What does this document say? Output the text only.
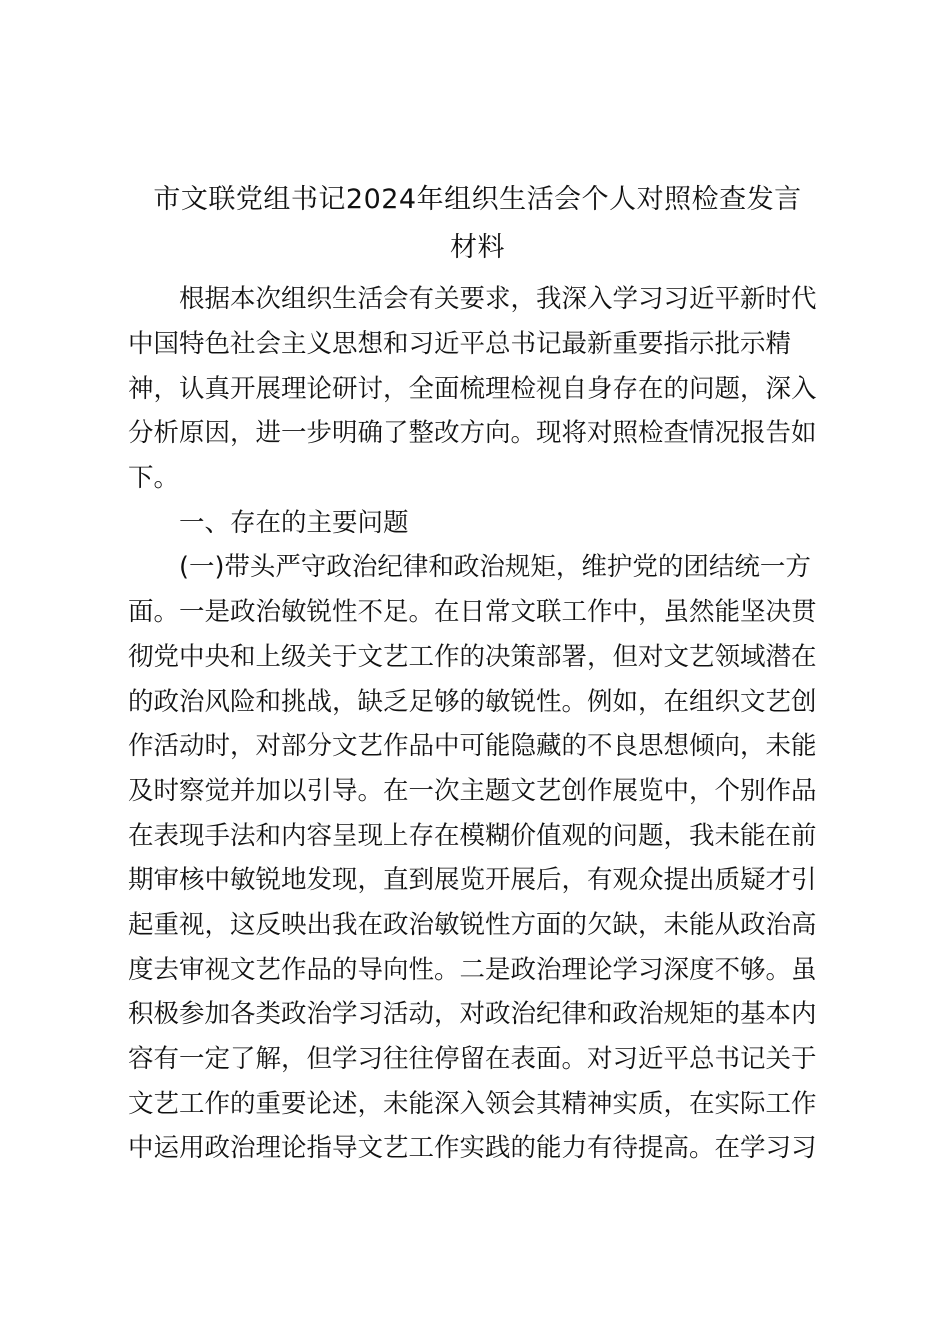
市文联党组书记2024年组织生活会个人对照检查发言
材料

　　根据本次组织生活会有关要求，我深入学习习近平新时代

中国特色社会主义思想和习近平总书记最新重要指示批示精

神，认真开展理论研讨，全面梳理检视自身存在的问题，深入

分析原因，进一步明确了整改方向。现将对照检查情况报告如

下。

　　一、存在的主要问题

　　(一)带头严守政治纪律和政治规矩，维护党的团结统一方

面。一是政治敏锐性不足。在日常文联工作中，虽然能坚决贯

彻党中央和上级关于文艺工作的决策部署，但对文艺领域潜在

的政治风险和挑战，缺乏足够的敏锐性。例如，在组织文艺创

作活动时，对部分文艺作品中可能隐藏的不良思想倾向，未能

及时察觉并加以引导。在一次主题文艺创作展览中，个别作品

在表现手法和内容呈现上存在模糊价值观的问题，我未能在前

期审核中敏锐地发现，直到展览开展后，有观众提出质疑才引

起重视，这反映出我在政治敏锐性方面的欠缺，未能从政治高

度去审视文艺作品的导向性。二是政治理论学习深度不够。虽

积极参加各类政治学习活动，对政治纪律和政治规矩的基本内

容有一定了解，但学习往往停留在表面。对习近平总书记关于

文艺工作的重要论述，未能深入领会其精神实质，在实际工作

中运用政治理论指导文艺工作实践的能力有待提高。在学习习
